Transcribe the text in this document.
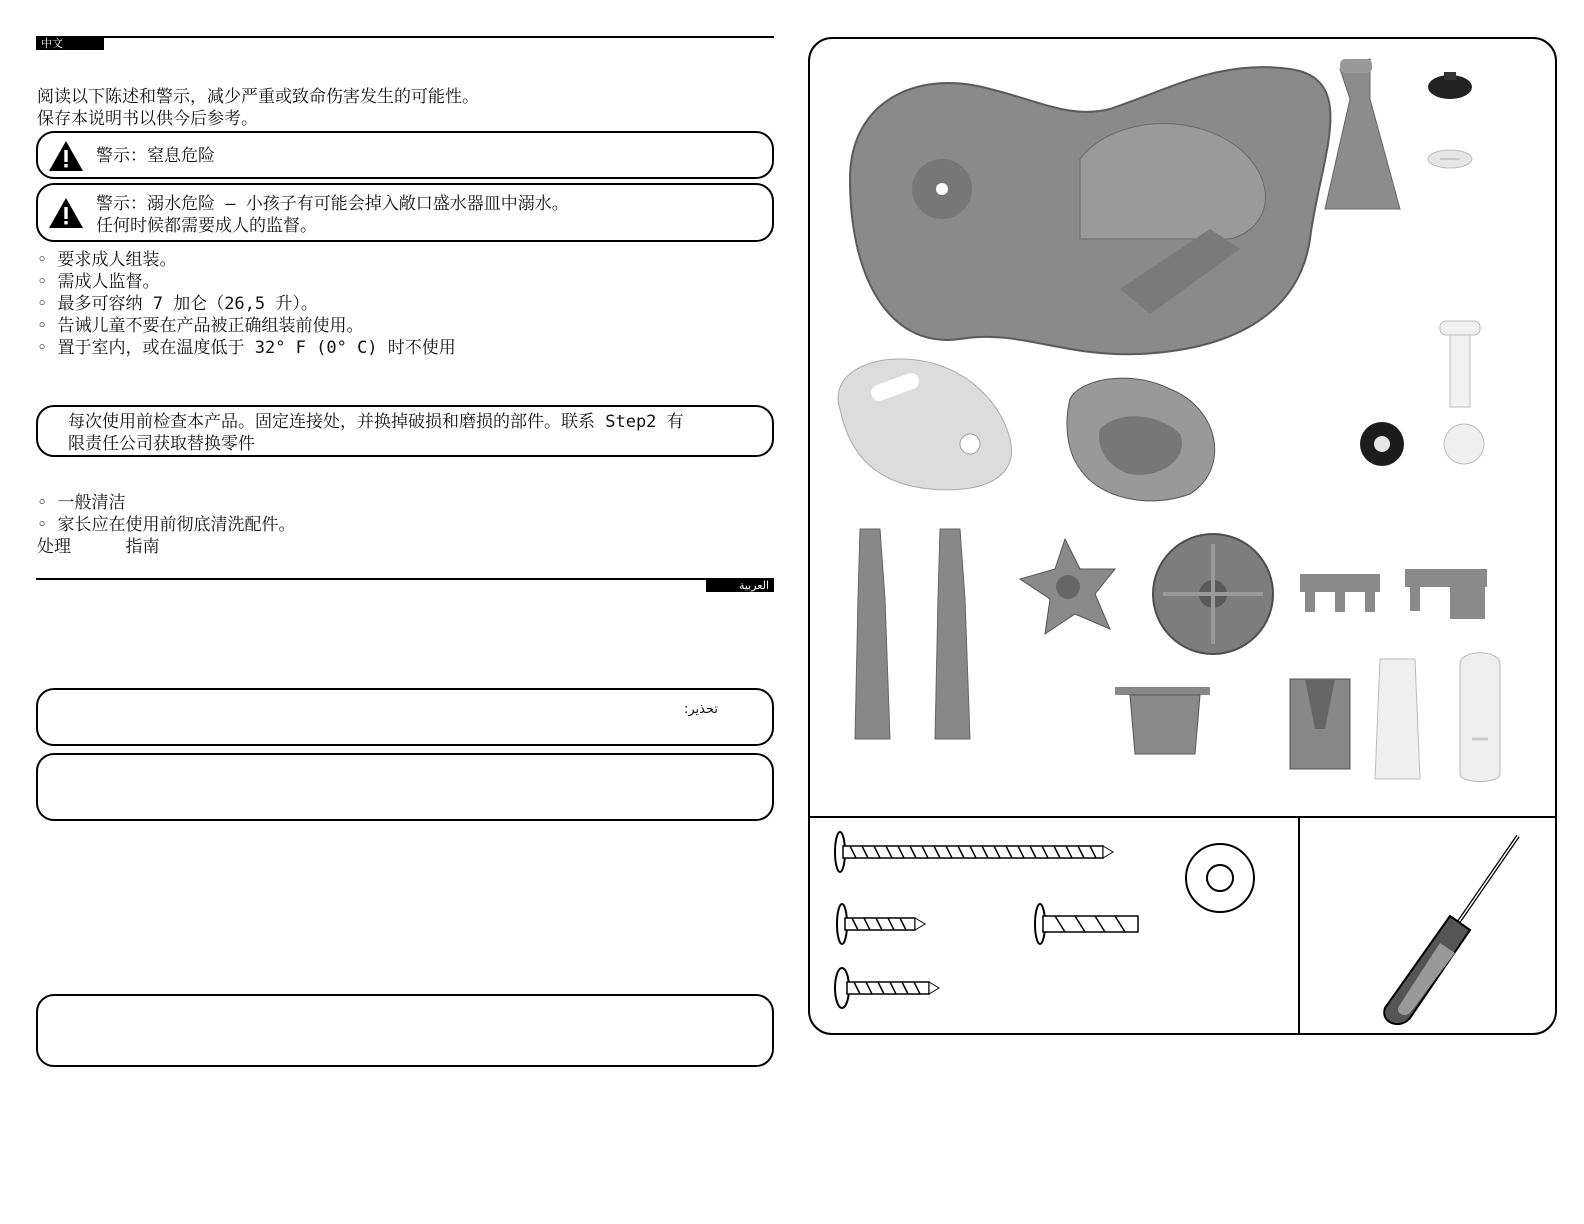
中文
阅读以下陈述和警示，减少严重或致命伤害发生的可能性。
保存本说明书以供今后参考。
警示：窒息危险
警示：溺水危险 – 小孩子有可能会掉入敞口盛水器皿中溺水。
任何时候都需要成人的监督。
◦ 要求成人组装。
◦ 需成人监督。
◦ 最多可容纳 7 加仑（26,5 升）。
◦ 告诫儿童不要在产品被正确组装前使用。
◦ 置于室内，或在温度低于 32° F (0° C) 时不使用
每次使用前检查本产品。固定连接处，并换掉破损和磨损的部件。联系 Step2 有
限责任公司获取替换零件
◦ 一般清洁
◦ 家长应在使用前彻底清洗配件。
处理	指南
العربية
تحذير:
